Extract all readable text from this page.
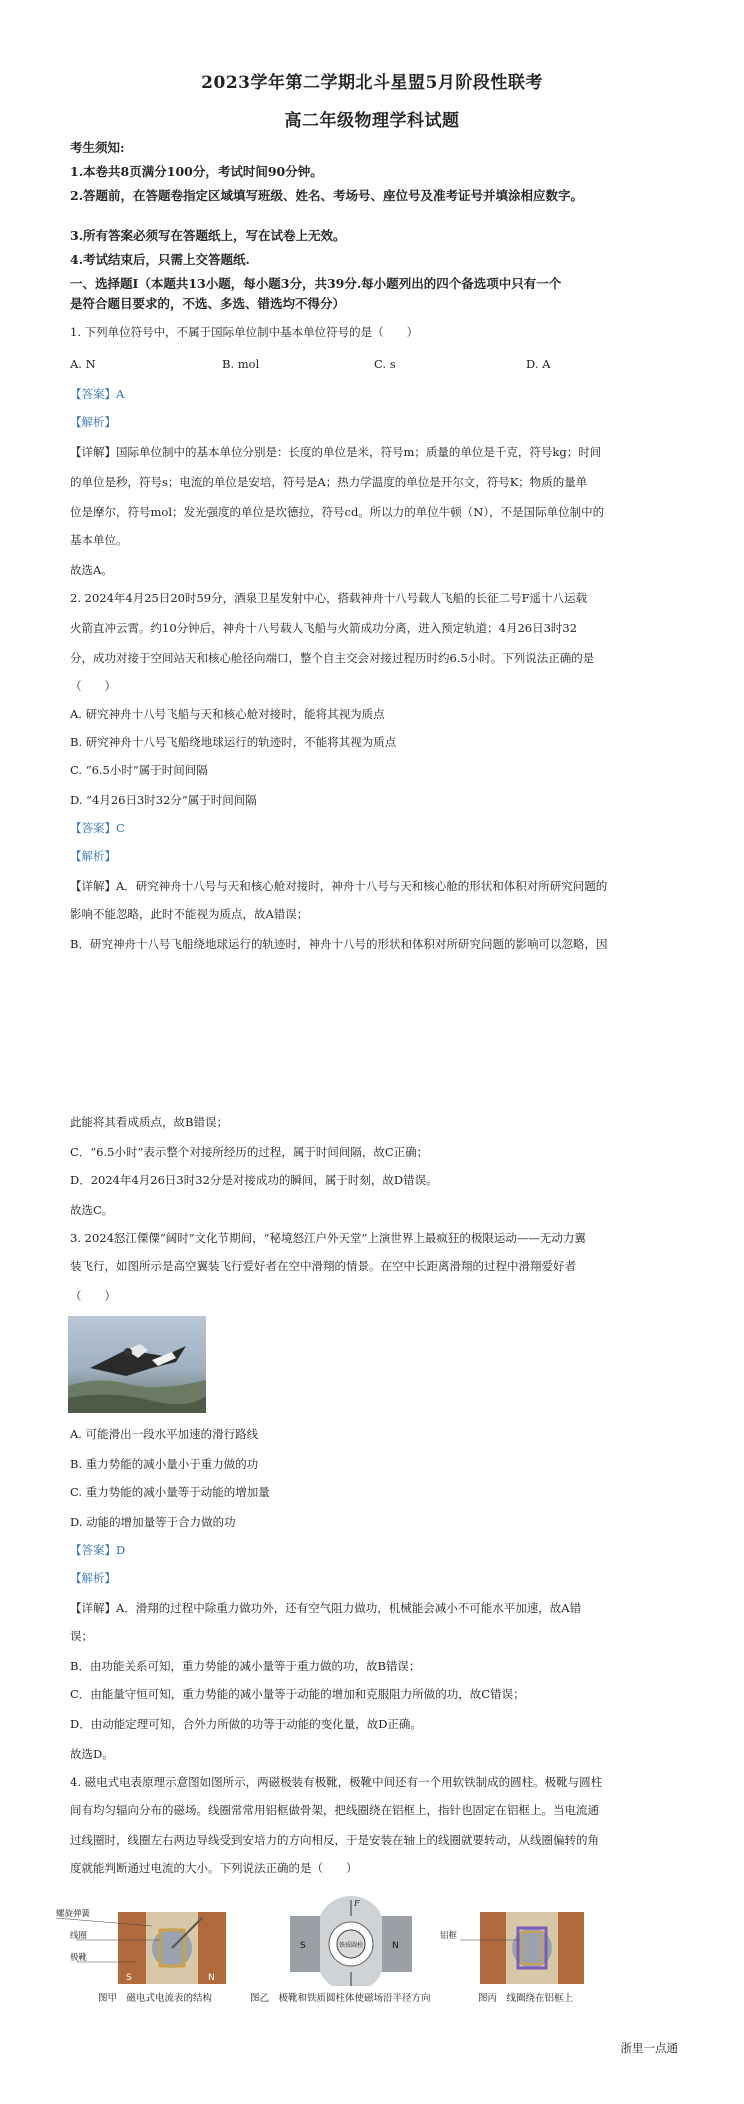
2023学年第二学期北斗星盟5月阶段性联考
高二年级物理学科试题
考生须知:
1.本卷共8页满分100分，考试时间90分钟。
2.答题前，在答题卷指定区域填写班级、姓名、考场号、座位号及准考证号并填涂相应数字。
3.所有答案必须写在答题纸上，写在试卷上无效。
4.考试结束后，只需上交答题纸.
一、选择题I（本题共13小题，每小题3分，共39分.每小题列出的四个备选项中只有一个
是符合题目要求的，不选、多选、错选均不得分）
1. 下列单位符号中，不属于国际单位制中基本单位符号的是（　　）
A. N	B. mol	C. s	D. A
【答案】A
【解析】
【详解】国际单位制中的基本单位分别是：长度的单位是米，符号m；质量的单位是千克，符号kg；时间
的单位是秒，符号s；电流的单位是安培，符号是A；热力学温度的单位是开尔文，符号K；物质的量单
位是摩尔，符号mol；发光强度的单位是坎德拉，符号cd。所以力的单位牛顿（N），不是国际单位制中的
基本单位。
故选A。
2. 2024年4月25日20时59分，酒泉卫星发射中心，搭载神舟十八号载人飞船的长征二号F遥十八运载
火箭直冲云霄。约10分钟后，神舟十八号载人飞船与火箭成功分离，进入预定轨道；4月26日3时32
分，成功对接于空间站天和核心舱径向端口，整个自主交会对接过程历时约6.5小时。下列说法正确的是
（　　）
A. 研究神舟十八号飞船与天和核心舱对接时，能将其视为质点
B. 研究神舟十八号飞船绕地球运行的轨迹时，不能将其视为质点
C. “6.5小时”属于时间间隔
D. “4月26日3时32分”属于时间间隔
【答案】C
【解析】
【详解】A．研究神舟十八号与天和核心舱对接时，神舟十八号与天和核心舱的形状和体积对所研究问题的
影响不能忽略，此时不能视为质点，故A错误；
B．研究神舟十八号飞船绕地球运行的轨迹时，神舟十八号的形状和体积对所研究问题的影响可以忽略，因
此能将其看成质点，故B错误；
C．“6.5小时”表示整个对接所经历的过程，属于时间间隔，故C正确；
D．2024年4月26日3时32分是对接成功的瞬间，属于时刻，故D错误。
故选C。
3. 2024怒江傈僳“阔时”文化节期间，“秘境怒江户外天堂”上演世界上最疯狂的极限运动——无动力翼
装飞行，如图所示是高空翼装飞行爱好者在空中滑翔的情景。在空中长距离滑翔的过程中滑翔爱好者
（　　）
A. 可能滑出一段水平加速的滑行路线
B. 重力势能的减小量小于重力做的功
C. 重力势能的减小量等于动能的增加量
D. 动能的增加量等于合力做的功
【答案】D
【解析】
【详解】A．滑翔的过程中除重力做功外，还有空气阻力做功，机械能会减小不可能水平加速，故A错
误；
B．由功能关系可知，重力势能的减小量等于重力做的功，故B错误；
C．由能量守恒可知，重力势能的减小量等于动能的增加和克服阻力所做的功，故C错误；
D．由动能定理可知，合外力所做的功等于动能的变化量，故D正确。
故选D。
4. 磁电式电表原理示意图如图所示，两磁极装有极靴，极靴中间还有一个用软铁制成的圆柱。极靴与圆柱
间有均匀辐向分布的磁场。线圈常常用铝框做骨架，把线圈绕在铝框上，指针也固定在铝框上。当电流通
过线圈时，线圈左右两边导线受到安培力的方向相反，于是安装在轴上的线圈就要转动，从线圈偏转的角
度就能判断通过电流的大小。下列说法正确的是（　　）
螺旋弹簧
线圈
极靴
S	N
F
S	N
铁质圆柱
铝框
图甲　磁电式电流表的结构	图乙　极靴和铁质圆柱体使磁场沿半径方向	图丙　线圈绕在铝框上
浙里一点通
